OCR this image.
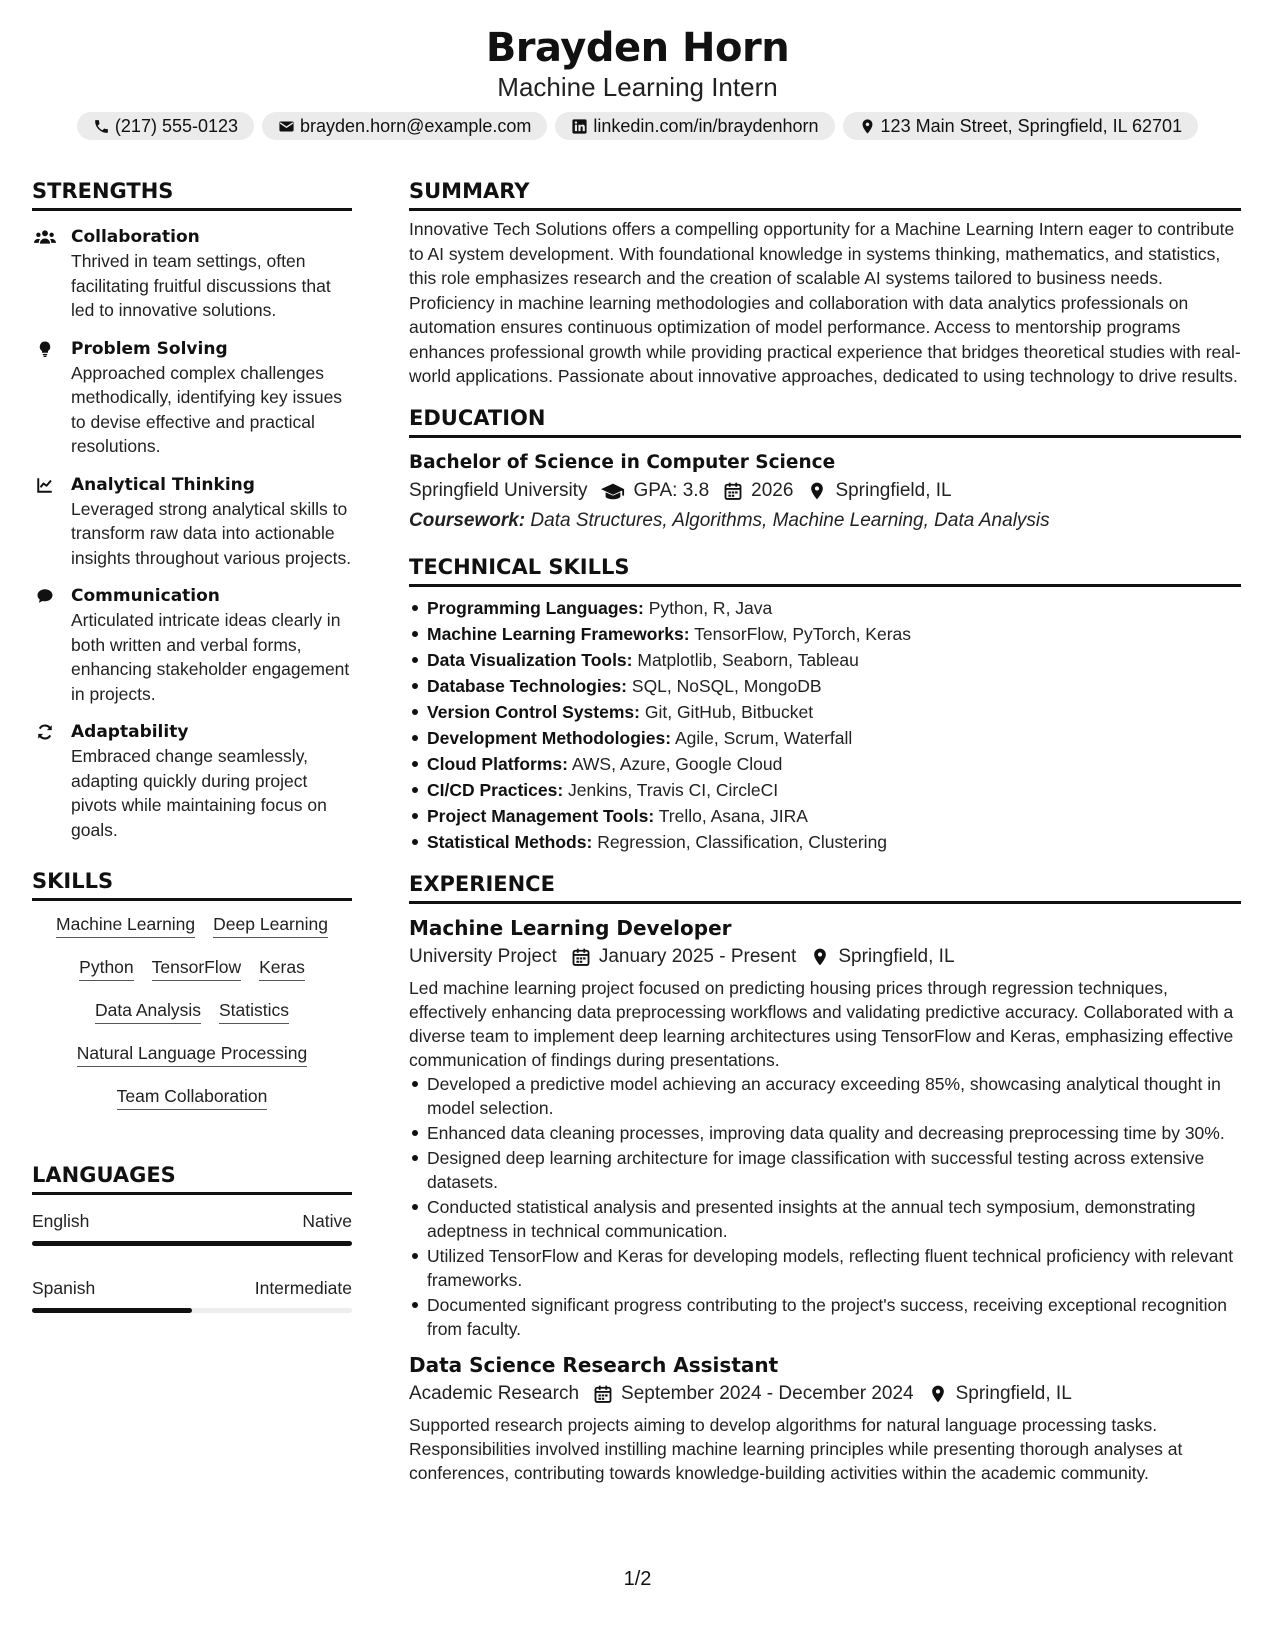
Brayden Horn
Machine Learning Intern
(217) 555-0123	brayden.horn@example.com	linkedin.com/in/braydenhorn	123 Main Street, Springfield, IL 62701
STRENGTHS
Collaboration
Thrived in team settings, often facilitating fruitful discussions that led to innovative solutions.
Problem Solving
Approached complex challenges methodically, identifying key issues to devise effective and practical resolutions.
Analytical Thinking
Leveraged strong analytical skills to transform raw data into actionable insights throughout various projects.
Communication
Articulated intricate ideas clearly in both written and verbal forms, enhancing stakeholder engagement in projects.
Adaptability
Embraced change seamlessly, adapting quickly during project pivots while maintaining focus on goals.
SKILLS
Machine Learning Deep Learning
Python TensorFlow Keras
Data Analysis Statistics
Natural Language Processing
Team Collaboration
LANGUAGES
English	Native
Spanish	Intermediate
SUMMARY
Innovative Tech Solutions offers a compelling opportunity for a Machine Learning Intern eager to contribute to AI system development. With foundational knowledge in systems thinking, mathematics, and statistics, this role emphasizes research and the creation of scalable AI systems tailored to business needs. Proficiency in machine learning methodologies and collaboration with data analytics professionals on automation ensures continuous optimization of model performance. Access to mentorship programs enhances professional growth while providing practical experience that bridges theoretical studies with real-world applications. Passionate about innovative approaches, dedicated to using technology to drive results.
EDUCATION
Bachelor of Science in Computer Science
Springfield University GPA: 3.8 2026 Springfield, IL
Coursework: Data Structures, Algorithms, Machine Learning, Data Analysis
TECHNICAL SKILLS
Programming Languages: Python, R, Java
Machine Learning Frameworks: TensorFlow, PyTorch, Keras
Data Visualization Tools: Matplotlib, Seaborn, Tableau
Database Technologies: SQL, NoSQL, MongoDB
Version Control Systems: Git, GitHub, Bitbucket
Development Methodologies: Agile, Scrum, Waterfall
Cloud Platforms: AWS, Azure, Google Cloud
CI/CD Practices: Jenkins, Travis CI, CircleCI
Project Management Tools: Trello, Asana, JIRA
Statistical Methods: Regression, Classification, Clustering
EXPERIENCE
Machine Learning Developer
University Project January 2025 - Present Springfield, IL
Led machine learning project focused on predicting housing prices through regression techniques, effectively enhancing data preprocessing workflows and validating predictive accuracy. Collaborated with a diverse team to implement deep learning architectures using TensorFlow and Keras, emphasizing effective communication of findings during presentations.
Developed a predictive model achieving an accuracy exceeding 85%, showcasing analytical thought in model selection.
Enhanced data cleaning processes, improving data quality and decreasing preprocessing time by 30%.
Designed deep learning architecture for image classification with successful testing across extensive datasets.
Conducted statistical analysis and presented insights at the annual tech symposium, demonstrating adeptness in technical communication.
Utilized TensorFlow and Keras for developing models, reflecting fluent technical proficiency with relevant frameworks.
Documented significant progress contributing to the project's success, receiving exceptional recognition from faculty.
Data Science Research Assistant
Academic Research September 2024 - December 2024 Springfield, IL
Supported research projects aiming to develop algorithms for natural language processing tasks. Responsibilities involved instilling machine learning principles while presenting thorough analyses at conferences, contributing towards knowledge-building activities within the academic community.
1/2
